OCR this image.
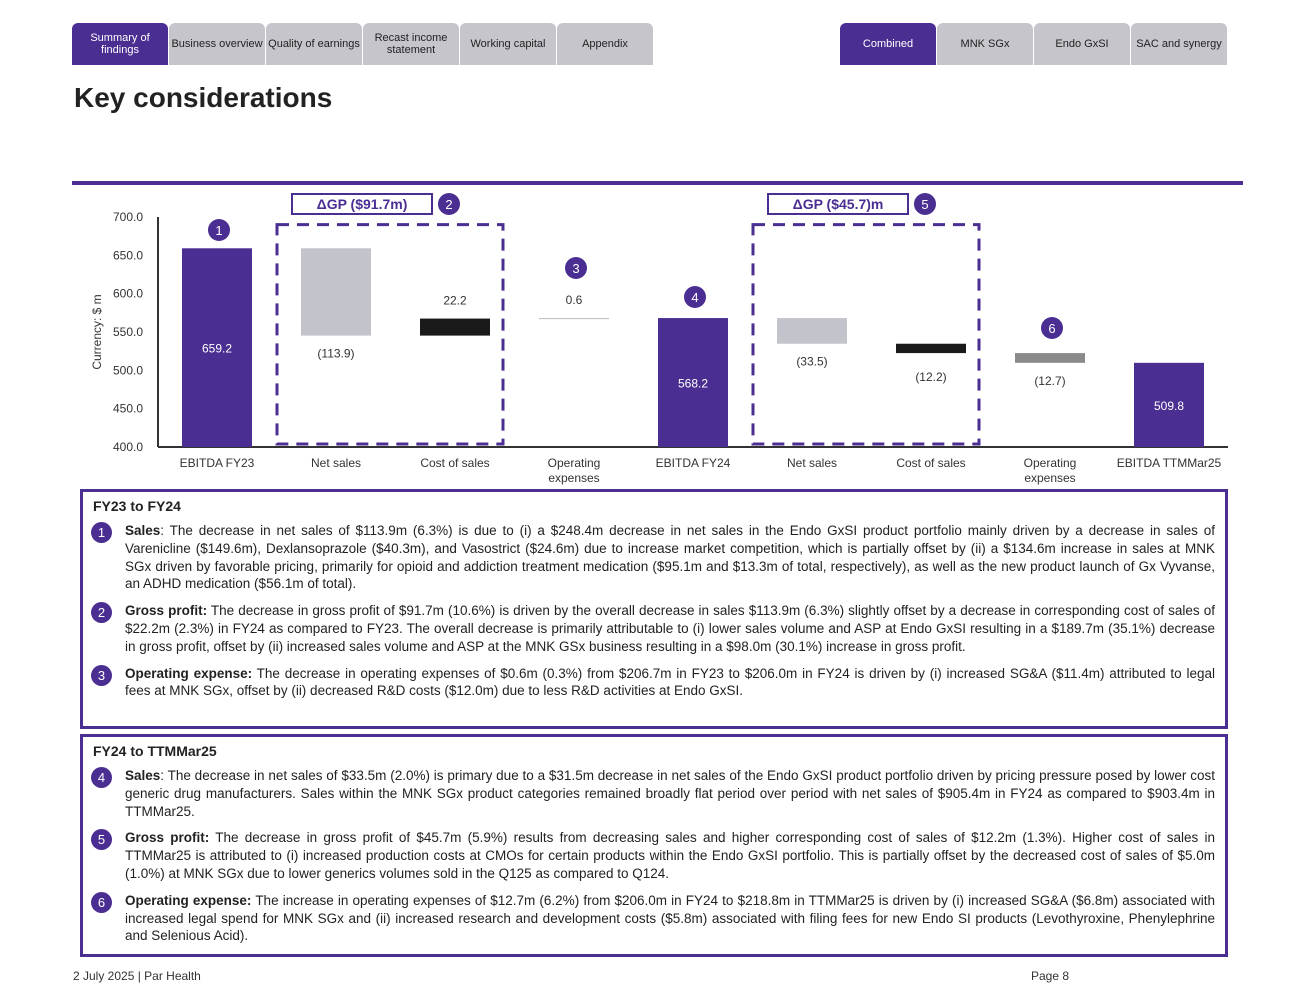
Summary of findings	Business overview Quality of earnings	Recast income statement	Working capital	Appendix	Combined	MNK SGx	Endo GxSI	SAC and synergy
Key considerations
700.0
650.0
600.0
550.0
500.0
450.0
400.0
Currency: $ m	659.2
EBITDA FY23
(113.9)
Net sales
22.2
Cost of sales
0.6
Operating
expenses
568.2
EBITDA FY24
(33.5)
Net sales
(12.2)
Cost of sales
(12.7)
Operating
expenses
509.8
EBITDA TTMMar25
ΔGP ($91.7m)	2	ΔGP ($45.7)m	5
1
3
4
6
FY23 to FY24
1	Sales: The decrease in net sales of $113.9m (6.3%) is due to (i) a $248.4m decrease in net sales in the Endo GxSI product portfolio mainly driven by a decrease in sales of Varenicline ($149.6m), Dexlansoprazole ($40.3m), and Vasostrict ($24.6m) due to increase market competition, which is partially offset by (ii) a $134.6m increase in sales at MNK SGx driven by favorable pricing, primarily for opioid and addiction treatment medication ($95.1m and $13.3m of total, respectively), as well as the new product launch of Gx Vyvanse, an ADHD medication ($56.1m of total).
2	Gross profit: The decrease in gross profit of $91.7m (10.6%) is driven by the overall decrease in sales $113.9m (6.3%) slightly offset by a decrease in corresponding cost of sales of $22.2m (2.3%) in FY24 as compared to FY23. The overall decrease is primarily attributable to (i) lower sales volume and ASP at Endo GxSI resulting in a $189.7m (35.1%) decrease in gross profit, offset by (ii) increased sales volume and ASP at the MNK GSx business resulting in a $98.0m (30.1%) increase in gross profit.
3	Operating expense: The decrease in operating expenses of $0.6m (0.3%) from $206.7m in FY23 to $206.0m in FY24 is driven by (i) increased SG&A ($11.4m) attributed to legal fees at MNK SGx, offset by (ii) decreased R&D costs ($12.0m) due to less R&D activities at Endo GxSI.
FY24 to TTMMar25
4	Sales: The decrease in net sales of $33.5m (2.0%) is primary due to a $31.5m decrease in net sales of the Endo GxSI product portfolio driven by pricing pressure posed by lower cost generic drug manufacturers. Sales within the MNK SGx product categories remained broadly flat period over period with net sales of $905.4m in FY24 as compared to $903.4m in TTMMar25.
5	Gross profit: The decrease in gross profit of $45.7m (5.9%) results from decreasing sales and higher corresponding cost of sales of $12.2m (1.3%). Higher cost of sales in TTMMar25 is attributed to (i) increased production costs at CMOs for certain products within the Endo GxSI portfolio. This is partially offset by the decreased cost of sales of $5.0m (1.0%) at MNK SGx due to lower generics volumes sold in the Q125 as compared to Q124.
6	Operating expense: The increase in operating expenses of $12.7m (6.2%) from $206.0m in FY24 to $218.8m in TTMMar25 is driven by (i) increased SG&A ($6.8m) associated with increased legal spend for MNK SGx and (ii) increased research and development costs ($5.8m) associated with filing fees for new Endo SI products (Levothyroxine, Phenylephrine and Selenious Acid).
2 July 2025 | Par Health	Page 8
